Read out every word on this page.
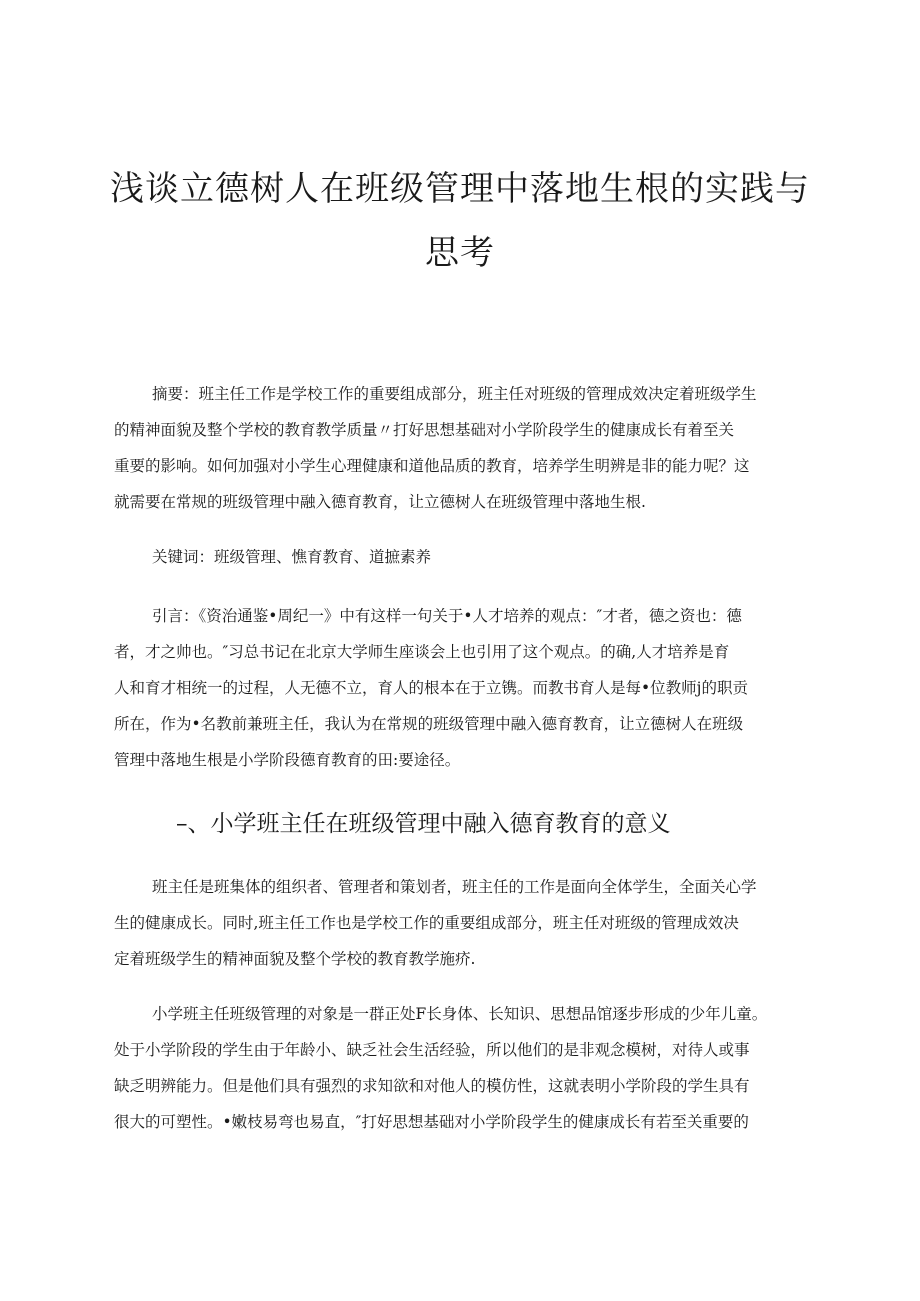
浅谈立德树人在班级管理中落地生根的实践与
思考
摘要：班主任工作是学校工作的重要组成部分，班主任对班级的管理成效决定着班级学生
的精神面貌及整个学校的教育教学质量〃打好思想基础对小学阶段学生的健康成长有着至关
重要的影响。如何加强对小学生心理健康和道他品质的教育，培养学生明辨是非的能力呢？这
就需要在常规的班级管理中融入德育教育，让立德树人在班级管理中落地生根.
关键词：班级管理、憔育教育、道摭素养
引言：《资治通鉴•周纪一》中有这样一句关于•人才培养的观点：″才者，德之资也：德
者，才之帅也。″习总书记在北京大学师生座谈会上也引用了这个观点。的确,人才培养是育
人和育才相统一的过程，人无德不立，育人的根本在于立镌。而教书育人是每•位教师j的职贡
所在，作为•名教前兼班主任，我认为在常规的班级管理中融入德育教育，让立德树人在班级
管理中落地生根是小学阶段德育教育的田:要途径。
–、小学班主任在班级管理中融入德育教育的意义
班主任是班集体的组织者、管理者和策划者，班主任的工作是面向全体学生，全面关心学
生的健康成长。同时,班主任工作也是学校工作的重要组成部分，班主任对班级的管理成效决
定着班级学生的精神面貌及整个学校的教育教学施疥.
小学班主任班级管理的对象是一群正处F长身体、长知识、思想品馆逐步形成的少年儿童。
处于小学阶段的学生由于年龄小、缺乏社会生活经验，所以他们的是非观念模树，对待人或事
缺乏明辨能力。但是他们具有强烈的求知欲和对他人的模仿性，这就表明小学阶段的学生具有
很大的可塑性。•嫩枝易弯也易直，″打好思想基础对小学阶段学生的健康成长有若至关重要的
